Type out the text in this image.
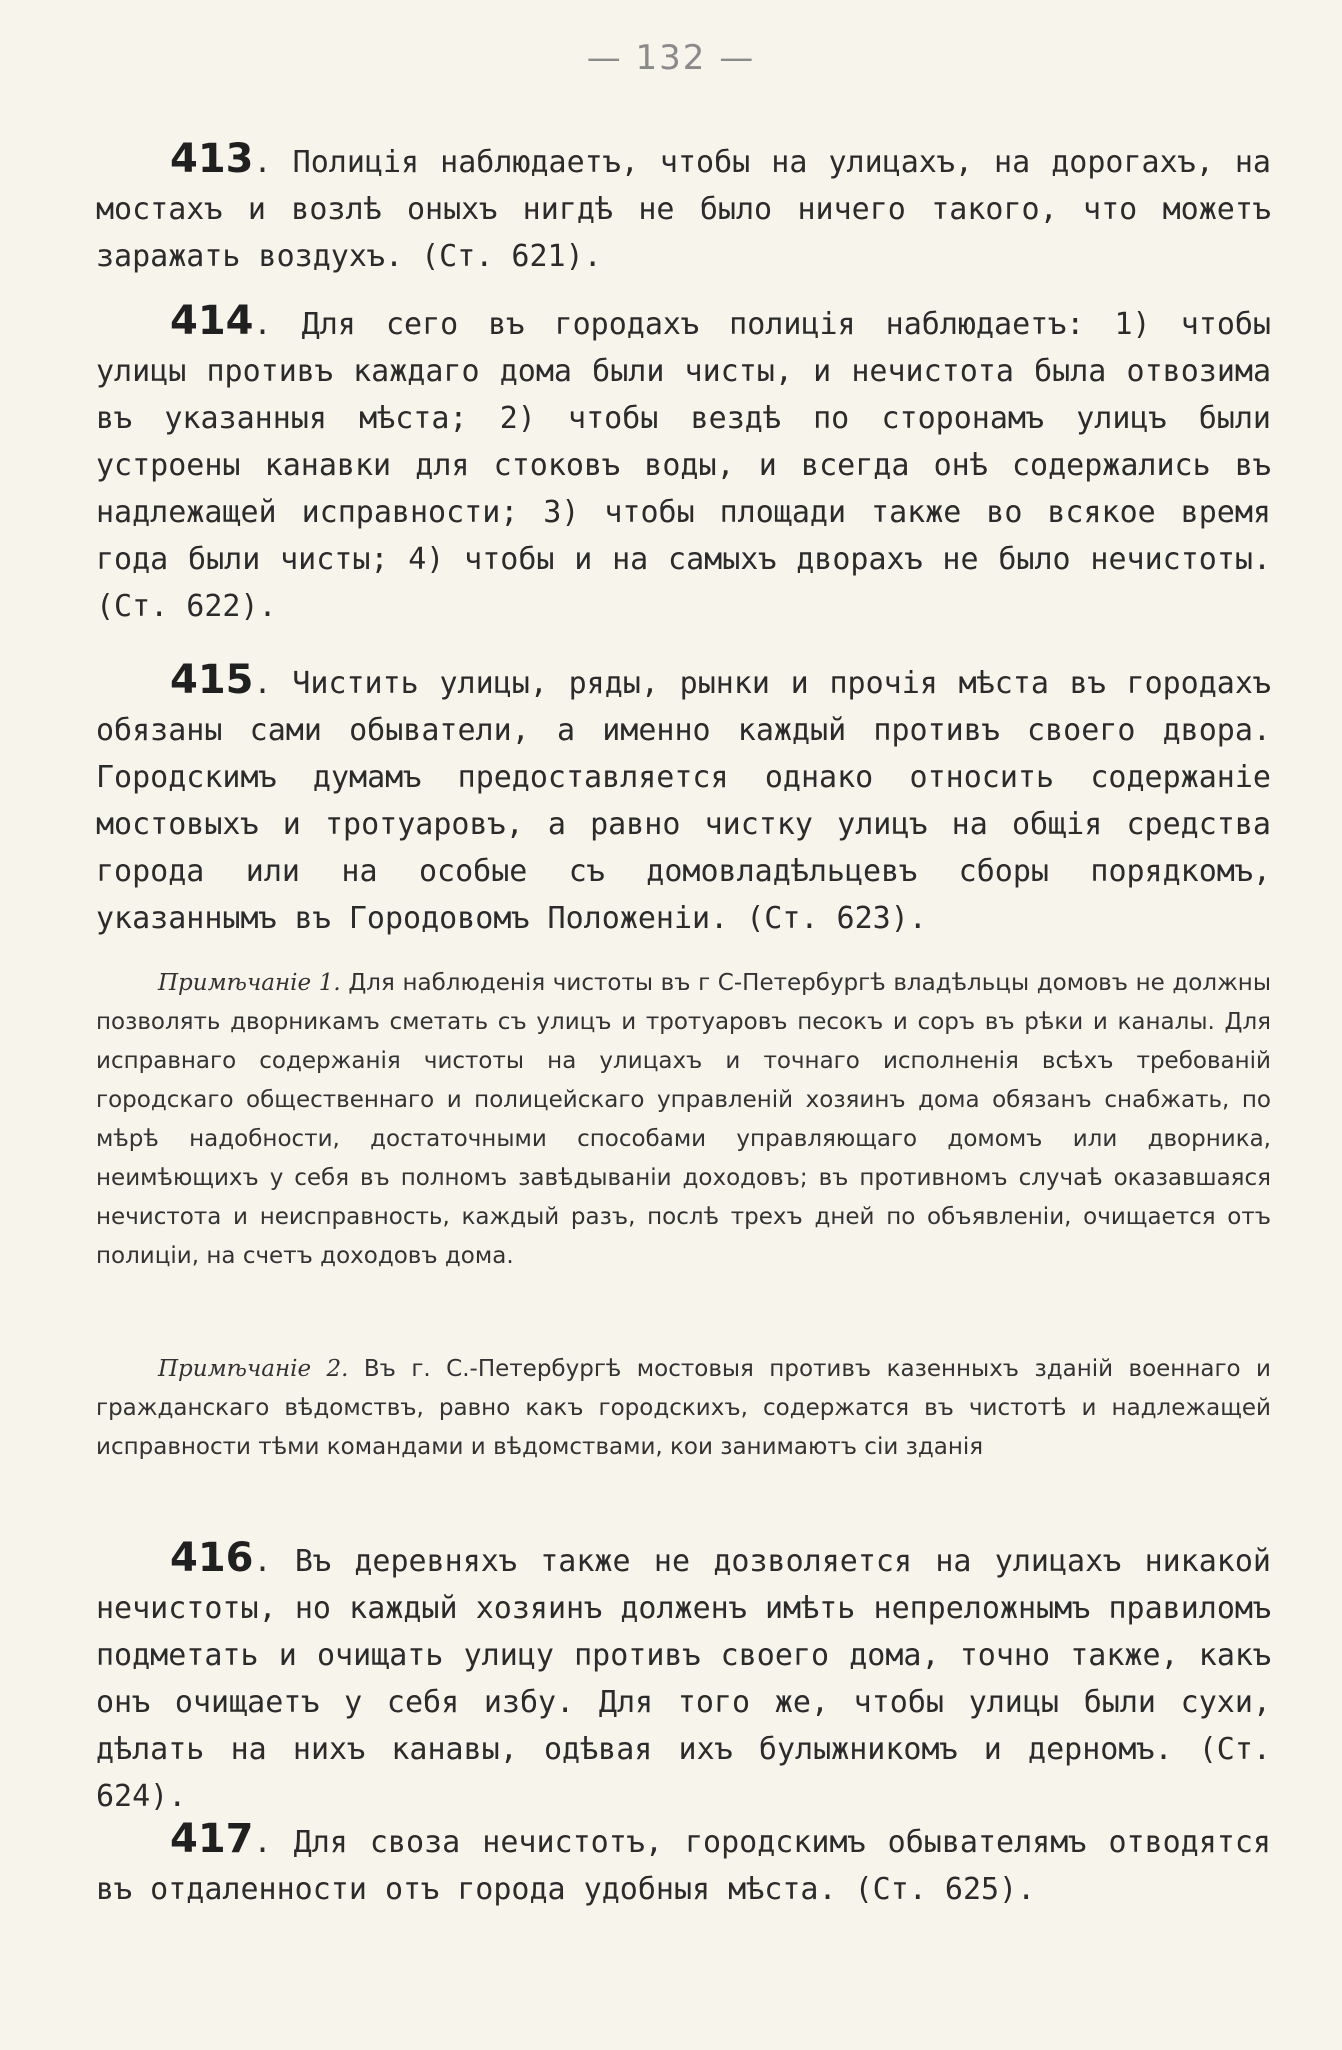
— 132 —

413. Полиція наблюдаетъ, чтобы на улицахъ, на дорогахъ, на мостахъ и возлѣ оныхъ нигдѣ не было ничего такого, что можетъ заражать воздухъ. (Ст. 621).

414. Для сего въ городахъ полиція наблюдаетъ: 1) чтобы улицы противъ каждаго дома были чисты, и нечистота была отвозима въ указанныя мѣста; 2) чтобы вездѣ по сторонамъ улицъ были устроены канавки для стоковъ воды, и всегда онѣ содержались въ надлежащей исправности; 3) чтобы площади также во всякое время года были чисты; 4) чтобы и на самыхъ дворахъ не было нечистоты. (Ст. 622).

415. Чистить улицы, ряды, рынки и прочія мѣста въ городахъ обязаны сами обыватели, а именно каждый противъ своего двора. Городскимъ думамъ предоставляется однако относить содержаніе мостовыхъ и тротуаровъ, а равно чистку улицъ на общія средства города или на особые съ домовладѣльцевъ сборы порядкомъ, указаннымъ въ Городовомъ Положеніи. (Ст. 623).

Примѣчаніе 1. Для наблюденія чистоты въ г С-Петербургѣ владѣльцы домовъ не должны позволять дворникамъ сметать съ улицъ и тротуаровъ песокъ и соръ въ рѣки и каналы. Для исправнаго содержанія чистоты на улицахъ и точнаго исполненія всѣхъ требованій городскаго общественнаго и полицейскаго управленій хозяинъ дома обязанъ снабжать, по мѣрѣ надобности, достаточными способами управляющаго домомъ или дворника, неимѣющихъ у себя въ полномъ завѣдываніи доходовъ; въ противномъ случаѣ оказавшаяся нечистота и неисправность, каждый разъ, послѣ трехъ дней по объявленіи, очищается отъ полиціи, на счетъ доходовъ дома.

Примѣчаніе 2. Въ г. С.-Петербургѣ мостовыя противъ казенныхъ зданій военнаго и гражданскаго вѣдомствъ, равно какъ городскихъ, содержатся въ чистотѣ и надлежащей исправности тѣми командами и вѣдомствами, кои занимаютъ сіи зданія

416. Въ деревняхъ также не дозволяется на улицахъ никакой нечистоты, но каждый хозяинъ долженъ имѣть непреложнымъ правиломъ подметать и очищать улицу противъ своего дома, точно также, какъ онъ очищаетъ у себя избу. Для того же, чтобы улицы были сухи, дѣлать на нихъ канавы, одѣвая ихъ булыжникомъ и дерномъ. (Ст. 624).

417. Для своза нечистотъ, городскимъ обывателямъ отводятся въ отдаленности отъ города удобныя мѣста. (Ст. 625).
